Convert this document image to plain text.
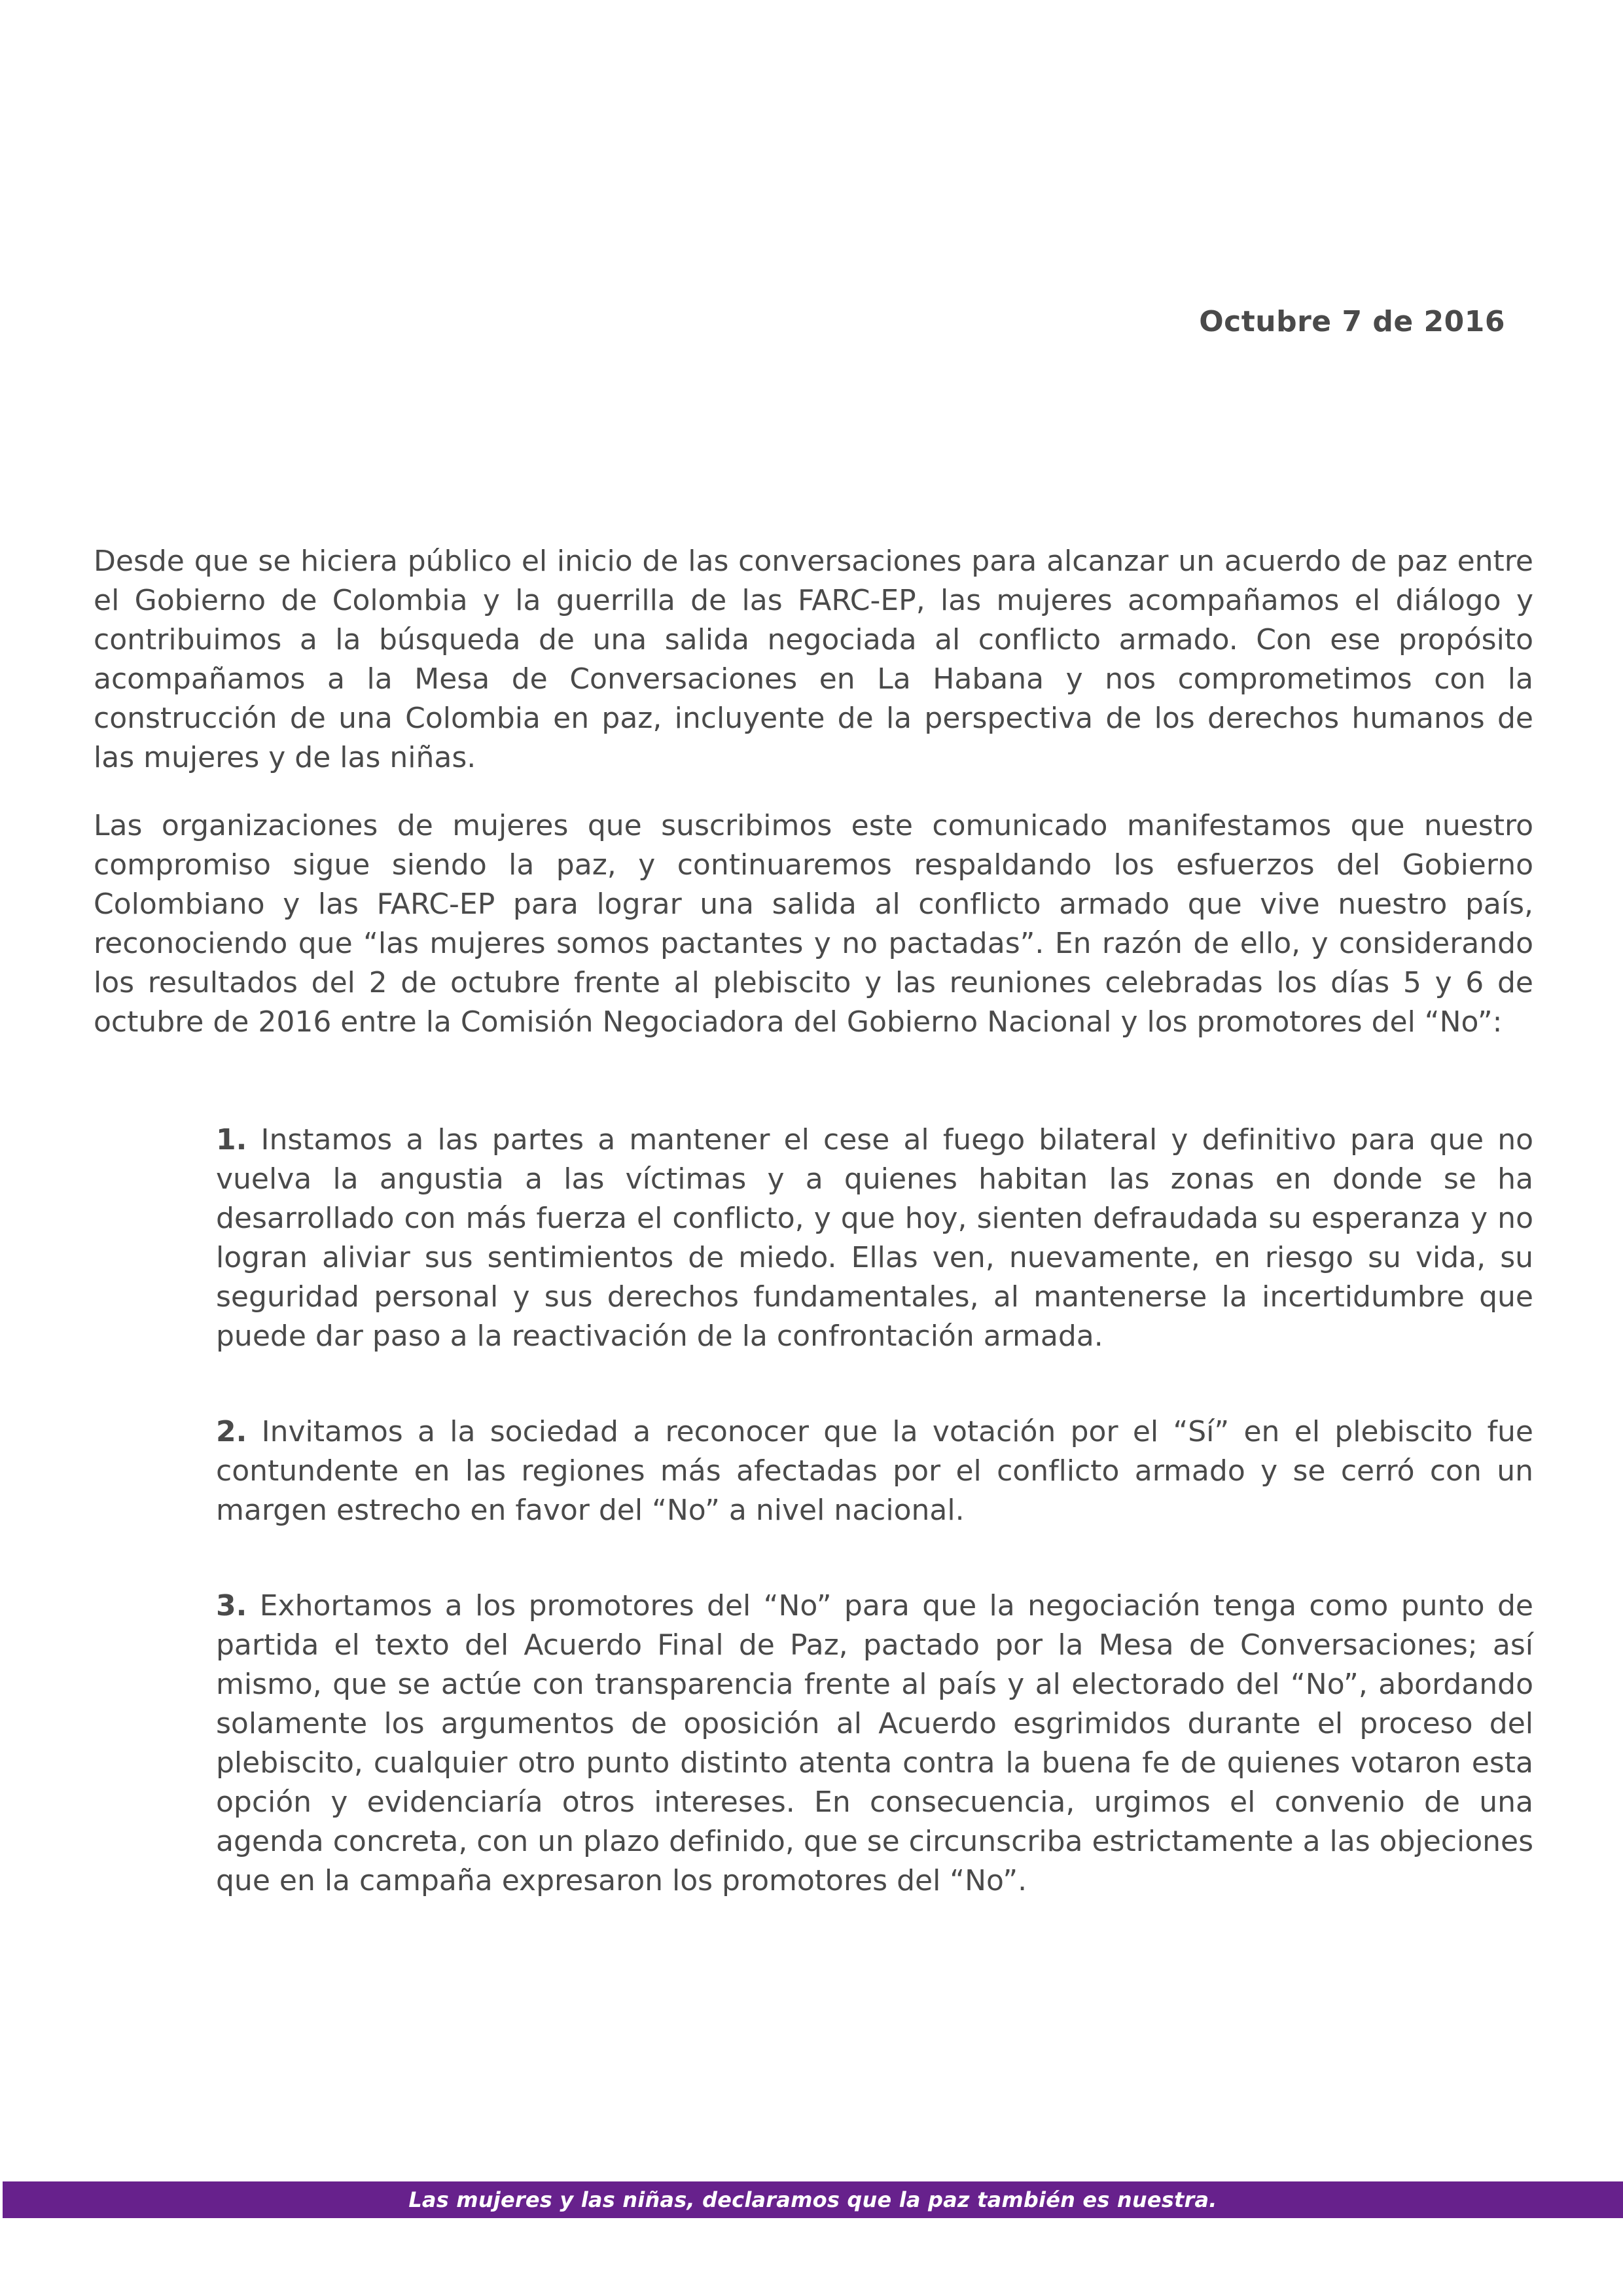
Octubre 7 de 2016

Desde que se hiciera público el inicio de las conversaciones para alcanzar un acuerdo de paz entre el Gobierno de Colombia y la guerrilla de las FARC-EP, las mujeres acompañamos el diálogo y contribuimos a la búsqueda de una salida negociada al conflicto armado. Con ese propósito acompañamos a la Mesa de Conversaciones en La Habana y nos comprometimos con la construcción de una Colombia en paz, incluyente de la perspectiva de los derechos humanos de las mujeres y de las niñas.

Las organizaciones de mujeres que suscribimos este comunicado manifestamos que nuestro compromiso sigue siendo la paz, y continuaremos respaldando los esfuerzos del Gobierno Colombiano y las FARC-EP para lograr una salida al conflicto armado que vive nuestro país, reconociendo que “las mujeres somos pactantes y no pactadas”. En razón de ello, y considerando los resultados del 2 de octubre frente al plebiscito y las reuniones celebradas los días 5 y 6 de octubre de 2016 entre la Comisión Negociadora del Gobierno Nacional y los promotores del “No”:

1. Instamos a las partes a mantener el cese al fuego bilateral y definitivo para que no vuelva la angustia a las víctimas y a quienes habitan las zonas en donde se ha desarrollado con más fuerza el conflicto, y que hoy, sienten defraudada su esperanza y no logran aliviar sus sentimientos de miedo. Ellas ven, nuevamente, en riesgo su vida, su seguridad personal y sus derechos fundamentales, al mantenerse la incertidumbre que puede dar paso a la reactivación de la confrontación armada.

2. Invitamos a la sociedad a reconocer que la votación por el “Sí” en el plebiscito fue contundente en las regiones más afectadas por el conflicto armado y se cerró con un margen estrecho en favor del “No” a nivel nacional.

3. Exhortamos a los promotores del “No” para que la negociación tenga como punto de partida el texto del Acuerdo Final de Paz, pactado por la Mesa de Conversaciones; así mismo, que se actúe con transparencia frente al país y al electorado del “No”, abordando solamente los argumentos de oposición al Acuerdo esgrimidos durante el proceso del plebiscito, cualquier otro punto distinto atenta contra la buena fe de quienes votaron esta opción y evidenciaría otros intereses. En consecuencia, urgimos el convenio de una agenda concreta, con un plazo definido, que se circunscriba estrictamente a las objeciones que en la campaña expresaron los promotores del “No”.

Las mujeres y las niñas, declaramos que la paz también es nuestra.
